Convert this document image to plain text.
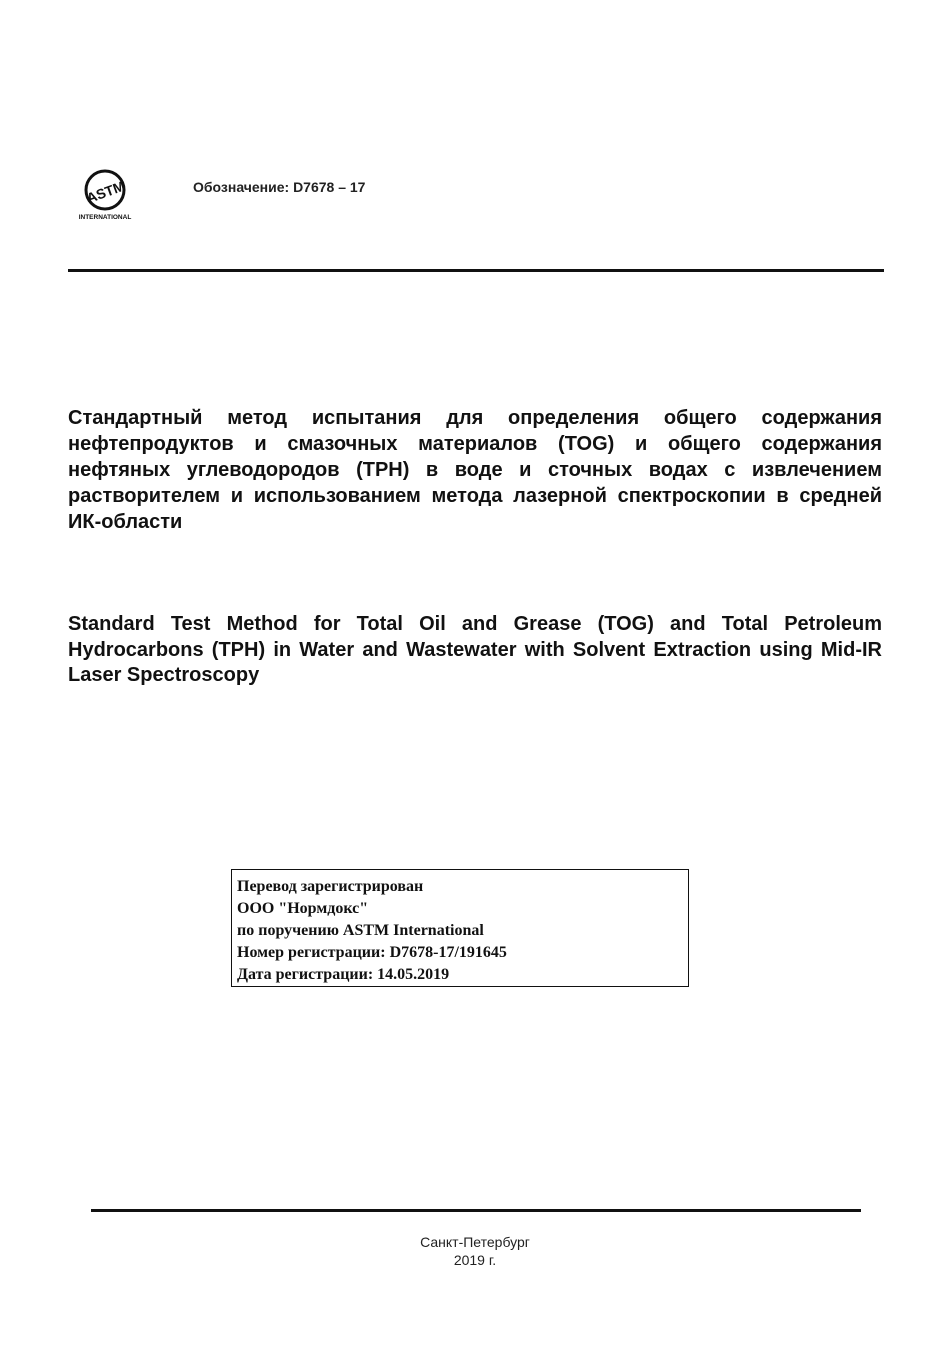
ASTM
INTERNATIONAL
Обозначение: D7678 – 17
Стандартный метод испытания для определения общего содержания нефтепродуктов и смазочных материалов (TOG) и общего содержания нефтяных углеводородов (TPH) в воде и сточных водах с извлечением растворителем и использованием метода лазерной спектроскопии в средней ИК-области
Standard Test Method for Total Oil and Grease (TOG) and Total Petroleum Hydrocarbons (TPH) in Water and Wastewater with Solvent Extraction using Mid-IR Laser Spectroscopy
Перевод зарегистрирован
ООО "Нормдокс"
по поручению ASTM International
Номер регистрации: D7678-17/191645
Дата регистрации: 14.05.2019
Санкт-Петербург
2019 г.
